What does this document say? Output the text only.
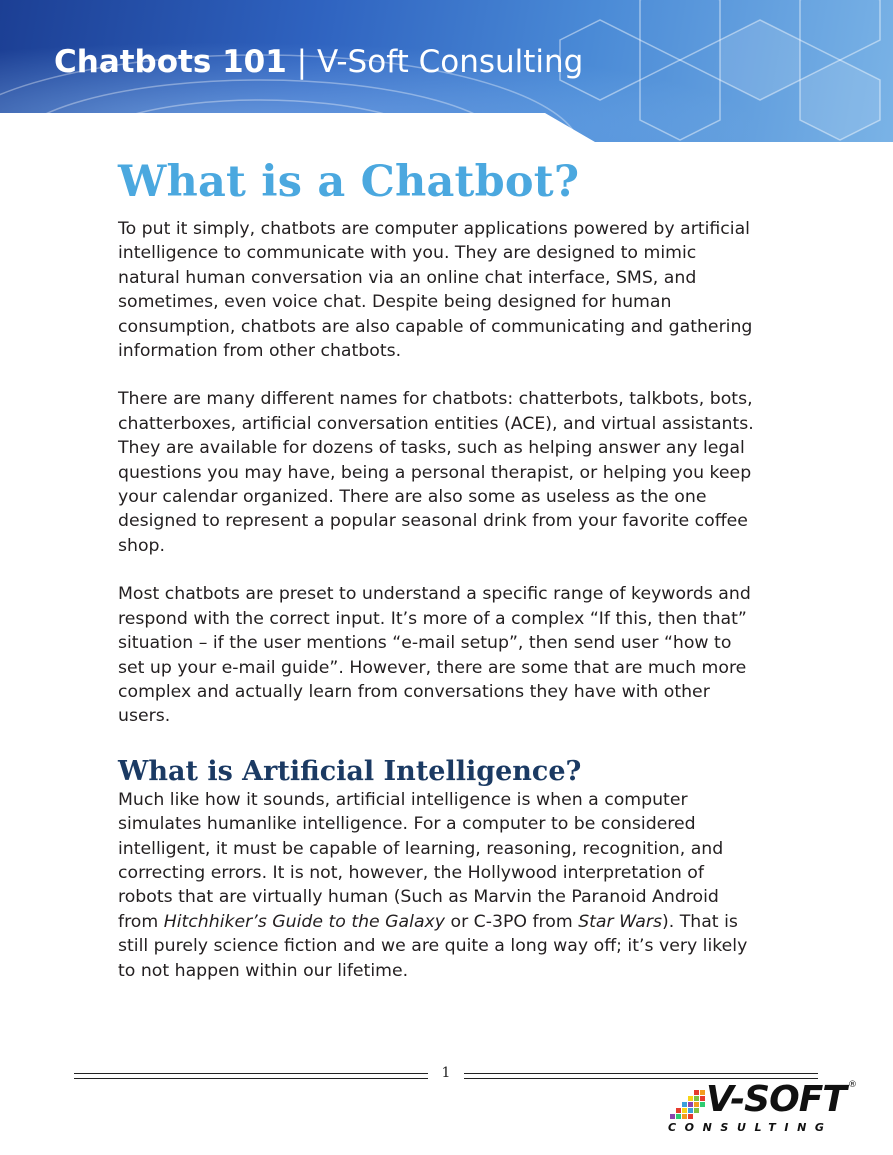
Chatbots 101 | V-Soft Consulting
What is a Chatbot?

To put it simply, chatbots are computer applications powered by artificial intelligence to communicate with you. They are designed to mimic natural human conversation via an online chat interface, SMS, and sometimes, even voice chat. Despite being designed for human consumption, chatbots are also capable of communicating and gathering information from other chatbots.

There are many different names for chatbots: chatterbots, talkbots, bots, chatterboxes, artificial conversation entities (ACE), and virtual assistants. They are available for dozens of tasks, such as helping answer any legal questions you may have, being a personal therapist, or helping you keep your calendar organized. There are also some as useless as the one designed to represent a popular seasonal drink from your favorite coffee shop.

Most chatbots are preset to understand a specific range of keywords and respond with the correct input. It’s more of a complex “If this, then that” situation – if the user mentions “e-mail setup”, then send user “how to set up your e-mail guide”. However, there are some that are much more complex and actually learn from conversations they have with other users.

What is Artificial Intelligence?

Much like how it sounds, artificial intelligence is when a computer simulates humanlike intelligence. For a computer to be considered intelligent, it must be capable of learning, reasoning, recognition, and correcting errors. It is not, however, the Hollywood interpretation of robots that are virtually human (Such as Marvin the Paranoid Android from Hitchhiker’s Guide to the Galaxy or C-3PO from Star Wars). That is still purely science fiction and we are quite a long way off; it’s very likely to not happen within our lifetime.

1
V-SOFT ®
CONSULTING
